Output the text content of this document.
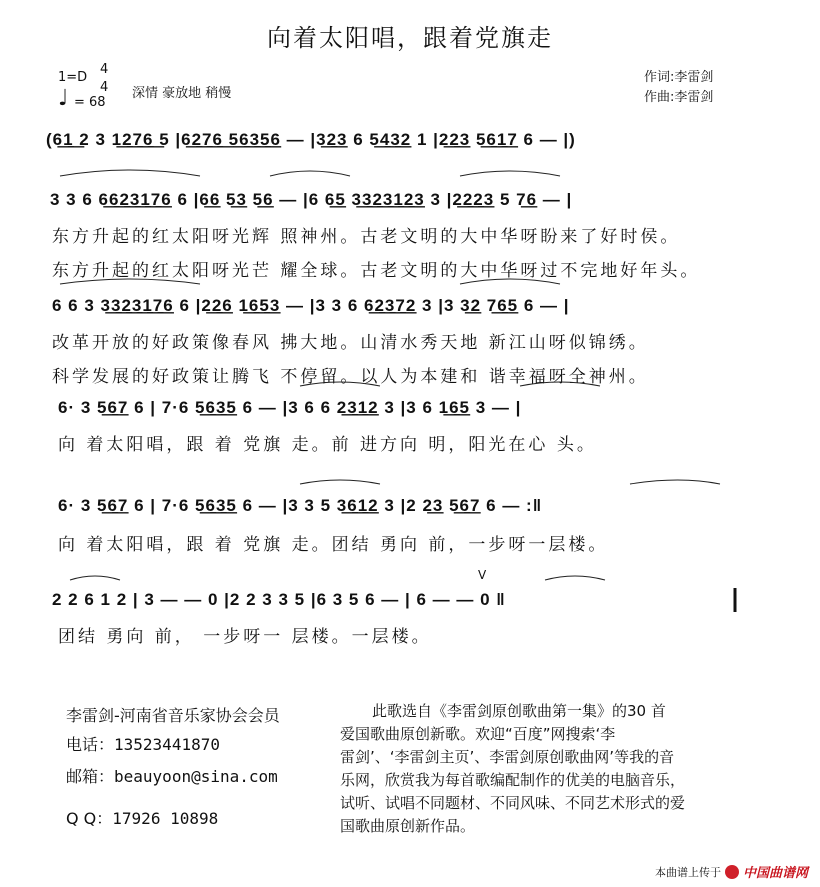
向着太阳唱，跟着党旗走
1=D
4
4
♩ = 68
深情 豪放地 稍慢
作词:李雷剑
作曲:李雷剑
(6͟1͟ 2 3 1͟2͟7͟6͟ 5 |6͟2͟7͟6͟ 5͟6͟3͟5͟6 — |3͟2͟3 6 5͟4͟3͟2 1 |2͟2͟3 5͟6͟1͟7 6 — |)
3 3 6 6͟6͟2͟3͟1͟7͟6 6 |6͟6 5͟3 5͟6 — |6 6͟5 3͟3͟2͟3͟1͟2͟3 3 |2͟2͟2͟3 5 7͟6 — |
东方升起的红太阳呀光辉 照神州。古老文明的大中华呀盼来了好时侯。
东方升起的红太阳呀光芒 耀全球。古老文明的大中华呀过不完地好年头。
6 6 3 3͟3͟2͟3͟1͟7͟6 6 |2͟2͟6 1͟6͟5͟3 — |3 3 6 6͟2͟3͟7͟2 3 |3 3͟2 7͟6͟5 6 — |
改革开放的好政策像春风 拂大地。山清水秀天地 新江山呀似锦绣。
科学发展的好政策让腾飞 不停留。以人为本建和 谐幸福呀全神州。
6· 3 5͟6͟7 6 | 7·6 5͟6͟3͟5 6 — |3 6 6 2͟3͟1͟2 3 |3 6 1͟6͟5 3 — |
向 着太阳唱，跟 着 党旗 走。前 进方向 明，阳光在心 头。
6· 3 5͟6͟7 6 | 7·6 5͟6͟3͟5 6 — |3 3 5 3͟6͟1͟2 3 |2 2͟3 5͟6͟7 6 — :‖
向 着太阳唱，跟 着 党旗 走。团结 勇向 前，一步呀一层楼。
V
2 2 6 1 2 | 3 — — 0 |2 2 3 3 5 |6 3 5 6 — | 6 — — 0 ‖
团结 勇向 前， 一步呀一 层楼。一层楼。
李雷剑-河南省音乐家协会会员
电话：13523441870
邮箱：beauyoon@sina.com
Q Q：17926 10898

此歌选自《李雷剑原创歌曲第一集》的30 首

爱国歌曲原创新歌。欢迎“百度”网搜索‘李

雷剑’、‘李雷剑主页’、李雷剑原创歌曲网’等我的音

乐网，欣赏我为每首歌编配制作的优美的电脑音乐，

试听、试唱不同题材、不同风味、不同艺术形式的爱

国歌曲原创新作品。

本曲谱上传于 中国曲谱网
